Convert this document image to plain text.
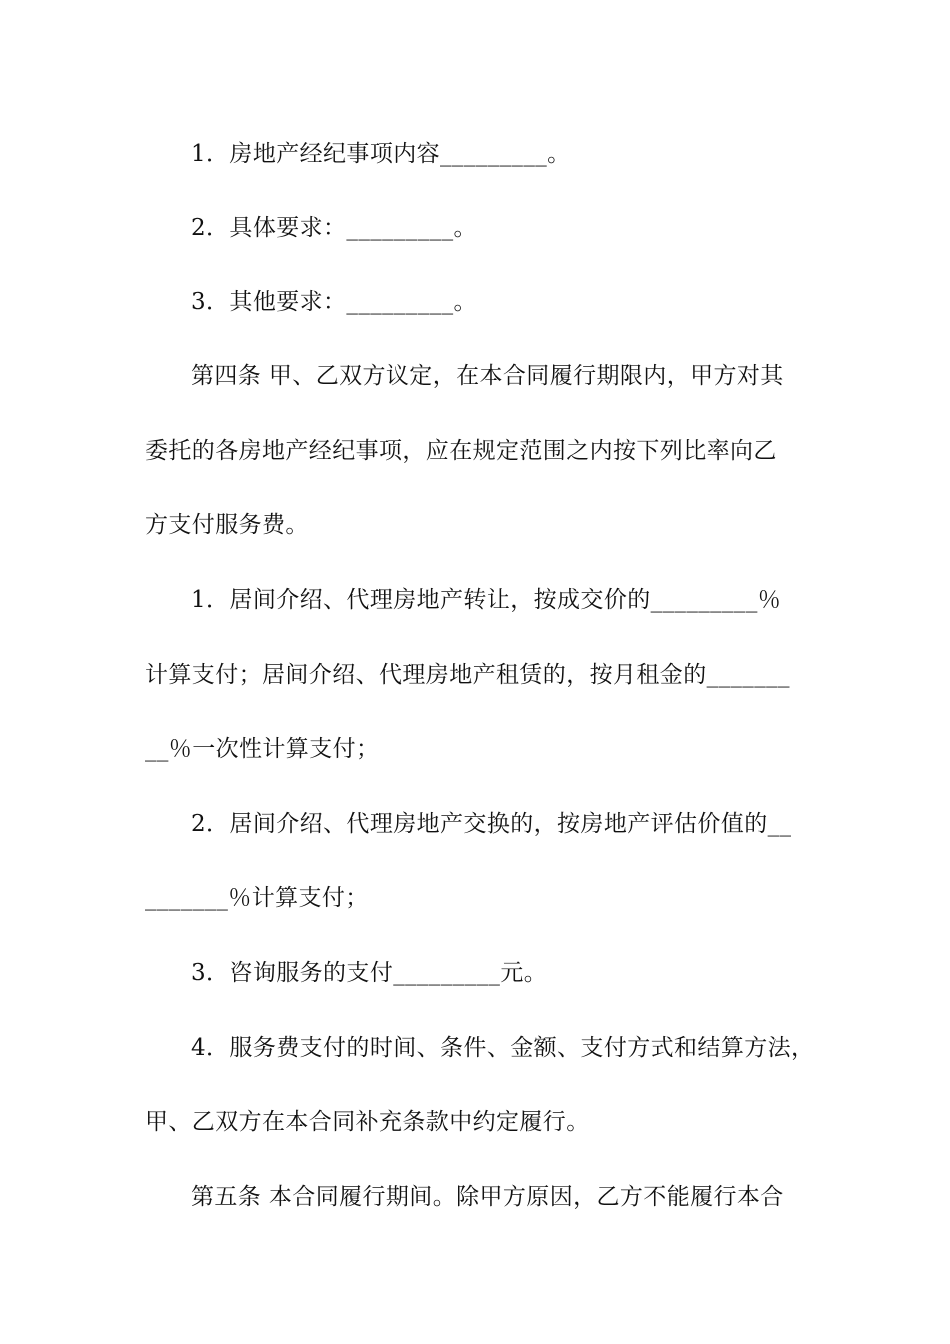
1．房地产经纪事项内容_________。
2．具体要求：_________。
3．其他要求：_________。
第四条 甲、乙双方议定，在本合同履行期限内，甲方对其
委托的各房地产经纪事项，应在规定范围之内按下列比率向乙
方支付服务费。
1．居间介绍、代理房地产转让，按成交价的_________％
计算支付；居间介绍、代理房地产租赁的，按月租金的_______
__％一次性计算支付；
2．居间介绍、代理房地产交换的，按房地产评估价值的__
_______％计算支付；
3．咨询服务的支付_________元。
4．服务费支付的时间、条件、金额、支付方式和结算方法，
甲、乙双方在本合同补充条款中约定履行。
第五条 本合同履行期间。除甲方原因，乙方不能履行本合
